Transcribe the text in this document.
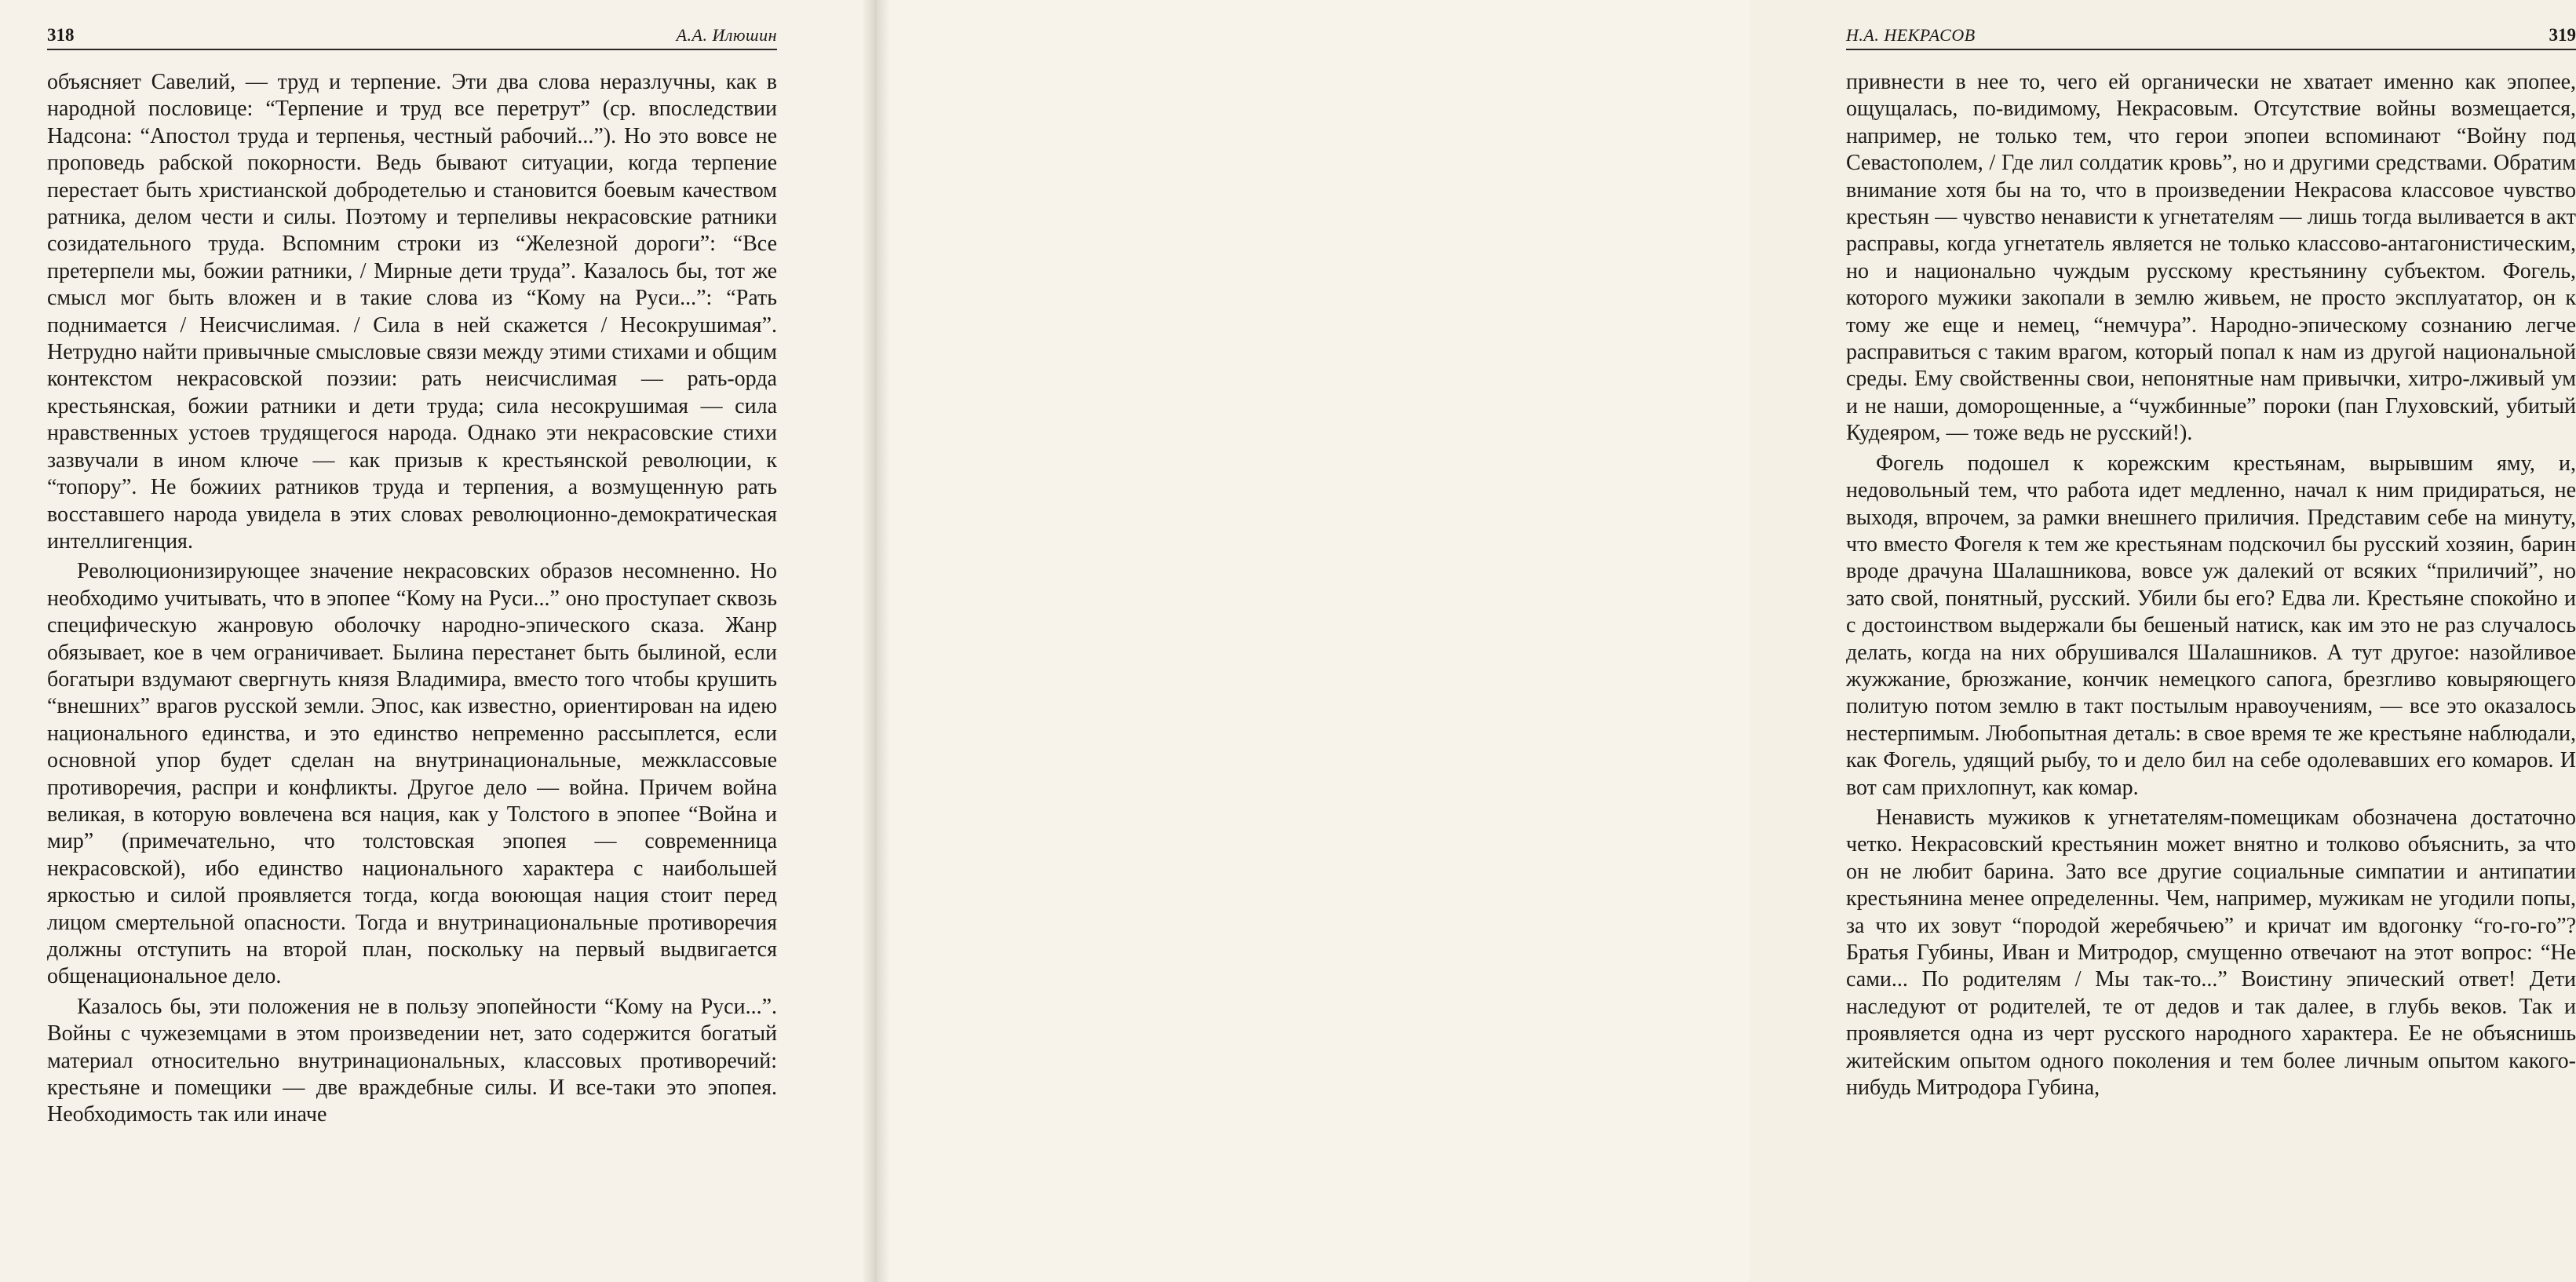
318	А.А. Илюшин

объясняет Савелий, — труд и терпение. Эти два слова неразлучны, как в народной пословице: “Терпение и труд все перетрут” (ср. впоследствии Надсона: “Апостол труда и терпенья, честный рабочий...”). Но это вовсе не проповедь рабской покорности. Ведь бывают ситуации, когда терпение перестает быть христианской добродетелью и становится боевым качеством ратника, делом чести и силы. Поэтому и терпеливы некрасовские ратники созидательного труда. Вспомним строки из “Железной дороги”: “Все претерпели мы, божии ратники, / Мирные дети труда”. Казалось бы, тот же смысл мог быть вложен и в такие слова из “Кому на Руси...”: “Рать поднимается / Неисчислимая. / Сила в ней скажется / Несокрушимая”. Нетрудно найти привычные смысловые связи между этими стихами и общим контекстом некрасовской поэзии: рать неисчислимая — рать-орда крестьянская, божии ратники и дети труда; сила несокрушимая — сила нравственных устоев трудящегося народа. Однако эти некрасовские стихи зазвучали в ином ключе — как призыв к крестьянской революции, к “топору”. Не божиих ратников труда и терпения, а возмущенную рать восставшего народа увидела в этих словах революционно-демократическая интеллигенция.

Революционизирующее значение некрасовских образов несомненно. Но необходимо учитывать, что в эпопее “Кому на Руси...” оно проступает сквозь специфическую жанровую оболочку народно-эпического сказа. Жанр обязывает, кое в чем ограничивает. Былина перестанет быть былиной, если богатыри вздумают свергнуть князя Владимира, вместо того чтобы крушить “внешних” врагов русской земли. Эпос, как известно, ориентирован на идею национального единства, и это единство непременно рассыплется, если основной упор будет сделан на внутринациональные, межклассовые противоречия, распри и конфликты. Другое дело — война. Причем война великая, в которую вовлечена вся нация, как у Толстого в эпопее “Война и мир” (примечательно, что толстовская эпопея — современница некрасовской), ибо единство национального характера с наибольшей яркостью и силой проявляется тогда, когда воюющая нация стоит перед лицом смертельной опасности. Тогда и внутринациональные противоречия должны отступить на второй план, поскольку на первый выдвигается общенациональное дело.

Казалось бы, эти положения не в пользу эпопейности “Кому на Руси...”. Войны с чужеземцами в этом произведении нет, зато содержится богатый материал относительно внутринациональных, классовых противоречий: крестьяне и помещики — две враждебные силы. И все-таки это эпопея. Необходимость так или иначе

Н.А. НЕКРАСОВ	319

привнести в нее то, чего ей органически не хватает именно как эпопее, ощущалась, по-видимому, Некрасовым. Отсутствие войны возмещается, например, не только тем, что герои эпопеи вспоминают “Войну под Севастополем, / Где лил солдатик кровь”, но и другими средствами. Обратим внимание хотя бы на то, что в произведении Некрасова классовое чувство крестьян — чувство ненависти к угнетателям — лишь тогда выливается в акт расправы, когда угнетатель является не только классово-антагонистическим, но и национально чуждым русскому крестьянину субъектом. Фогель, которого мужики закопали в землю живьем, не просто эксплуататор, он к тому же еще и немец, “немчура”. Народно-эпическому сознанию легче расправиться с таким врагом, который попал к нам из другой национальной среды. Ему свойственны свои, непонятные нам привычки, хитро-лживый ум и не наши, доморощенные, а “чужбинные” пороки (пан Глуховский, убитый Кудеяром, — тоже ведь не русский!).

Фогель подошел к корежским крестьянам, вырывшим яму, и, недовольный тем, что работа идет медленно, начал к ним придираться, не выходя, впрочем, за рамки внешнего приличия. Представим себе на минуту, что вместо Фогеля к тем же крестьянам подскочил бы русский хозяин, барин вроде драчуна Шалашникова, вовсе уж далекий от всяких “приличий”, но зато свой, понятный, русский. Убили бы его? Едва ли. Крестьяне спокойно и с достоинством выдержали бы бешеный натиск, как им это не раз случалось делать, когда на них обрушивался Шалашников. А тут другое: назойливое жужжание, брюзжание, кончик немецкого сапога, брезгливо ковыряющего политую потом землю в такт постылым нравоучениям, — все это оказалось нестерпимым. Любопытная деталь: в свое время те же крестьяне наблюдали, как Фогель, удящий рыбу, то и дело бил на себе одолевавших его комаров. И вот сам прихлопнут, как комар.

Ненависть мужиков к угнетателям-помещикам обозначена достаточно четко. Некрасовский крестьянин может внятно и толково объяснить, за что он не любит барина. Зато все другие социальные симпатии и антипатии крестьянина менее определенны. Чем, например, мужикам не угодили попы, за что их зовут “породой жеребячьею” и кричат им вдогонку “го-го-го”? Братья Губины, Иван и Митродор, смущенно отвечают на этот вопрос: “Не сами... По родителям / Мы так-то...” Воистину эпический ответ! Дети наследуют от родителей, те от дедов и так далее, в глубь веков. Так и проявляется одна из черт русского народного характера. Ее не объяснишь житейским опытом одного поколения и тем более личным опытом какого-нибудь Митродора Губина,
